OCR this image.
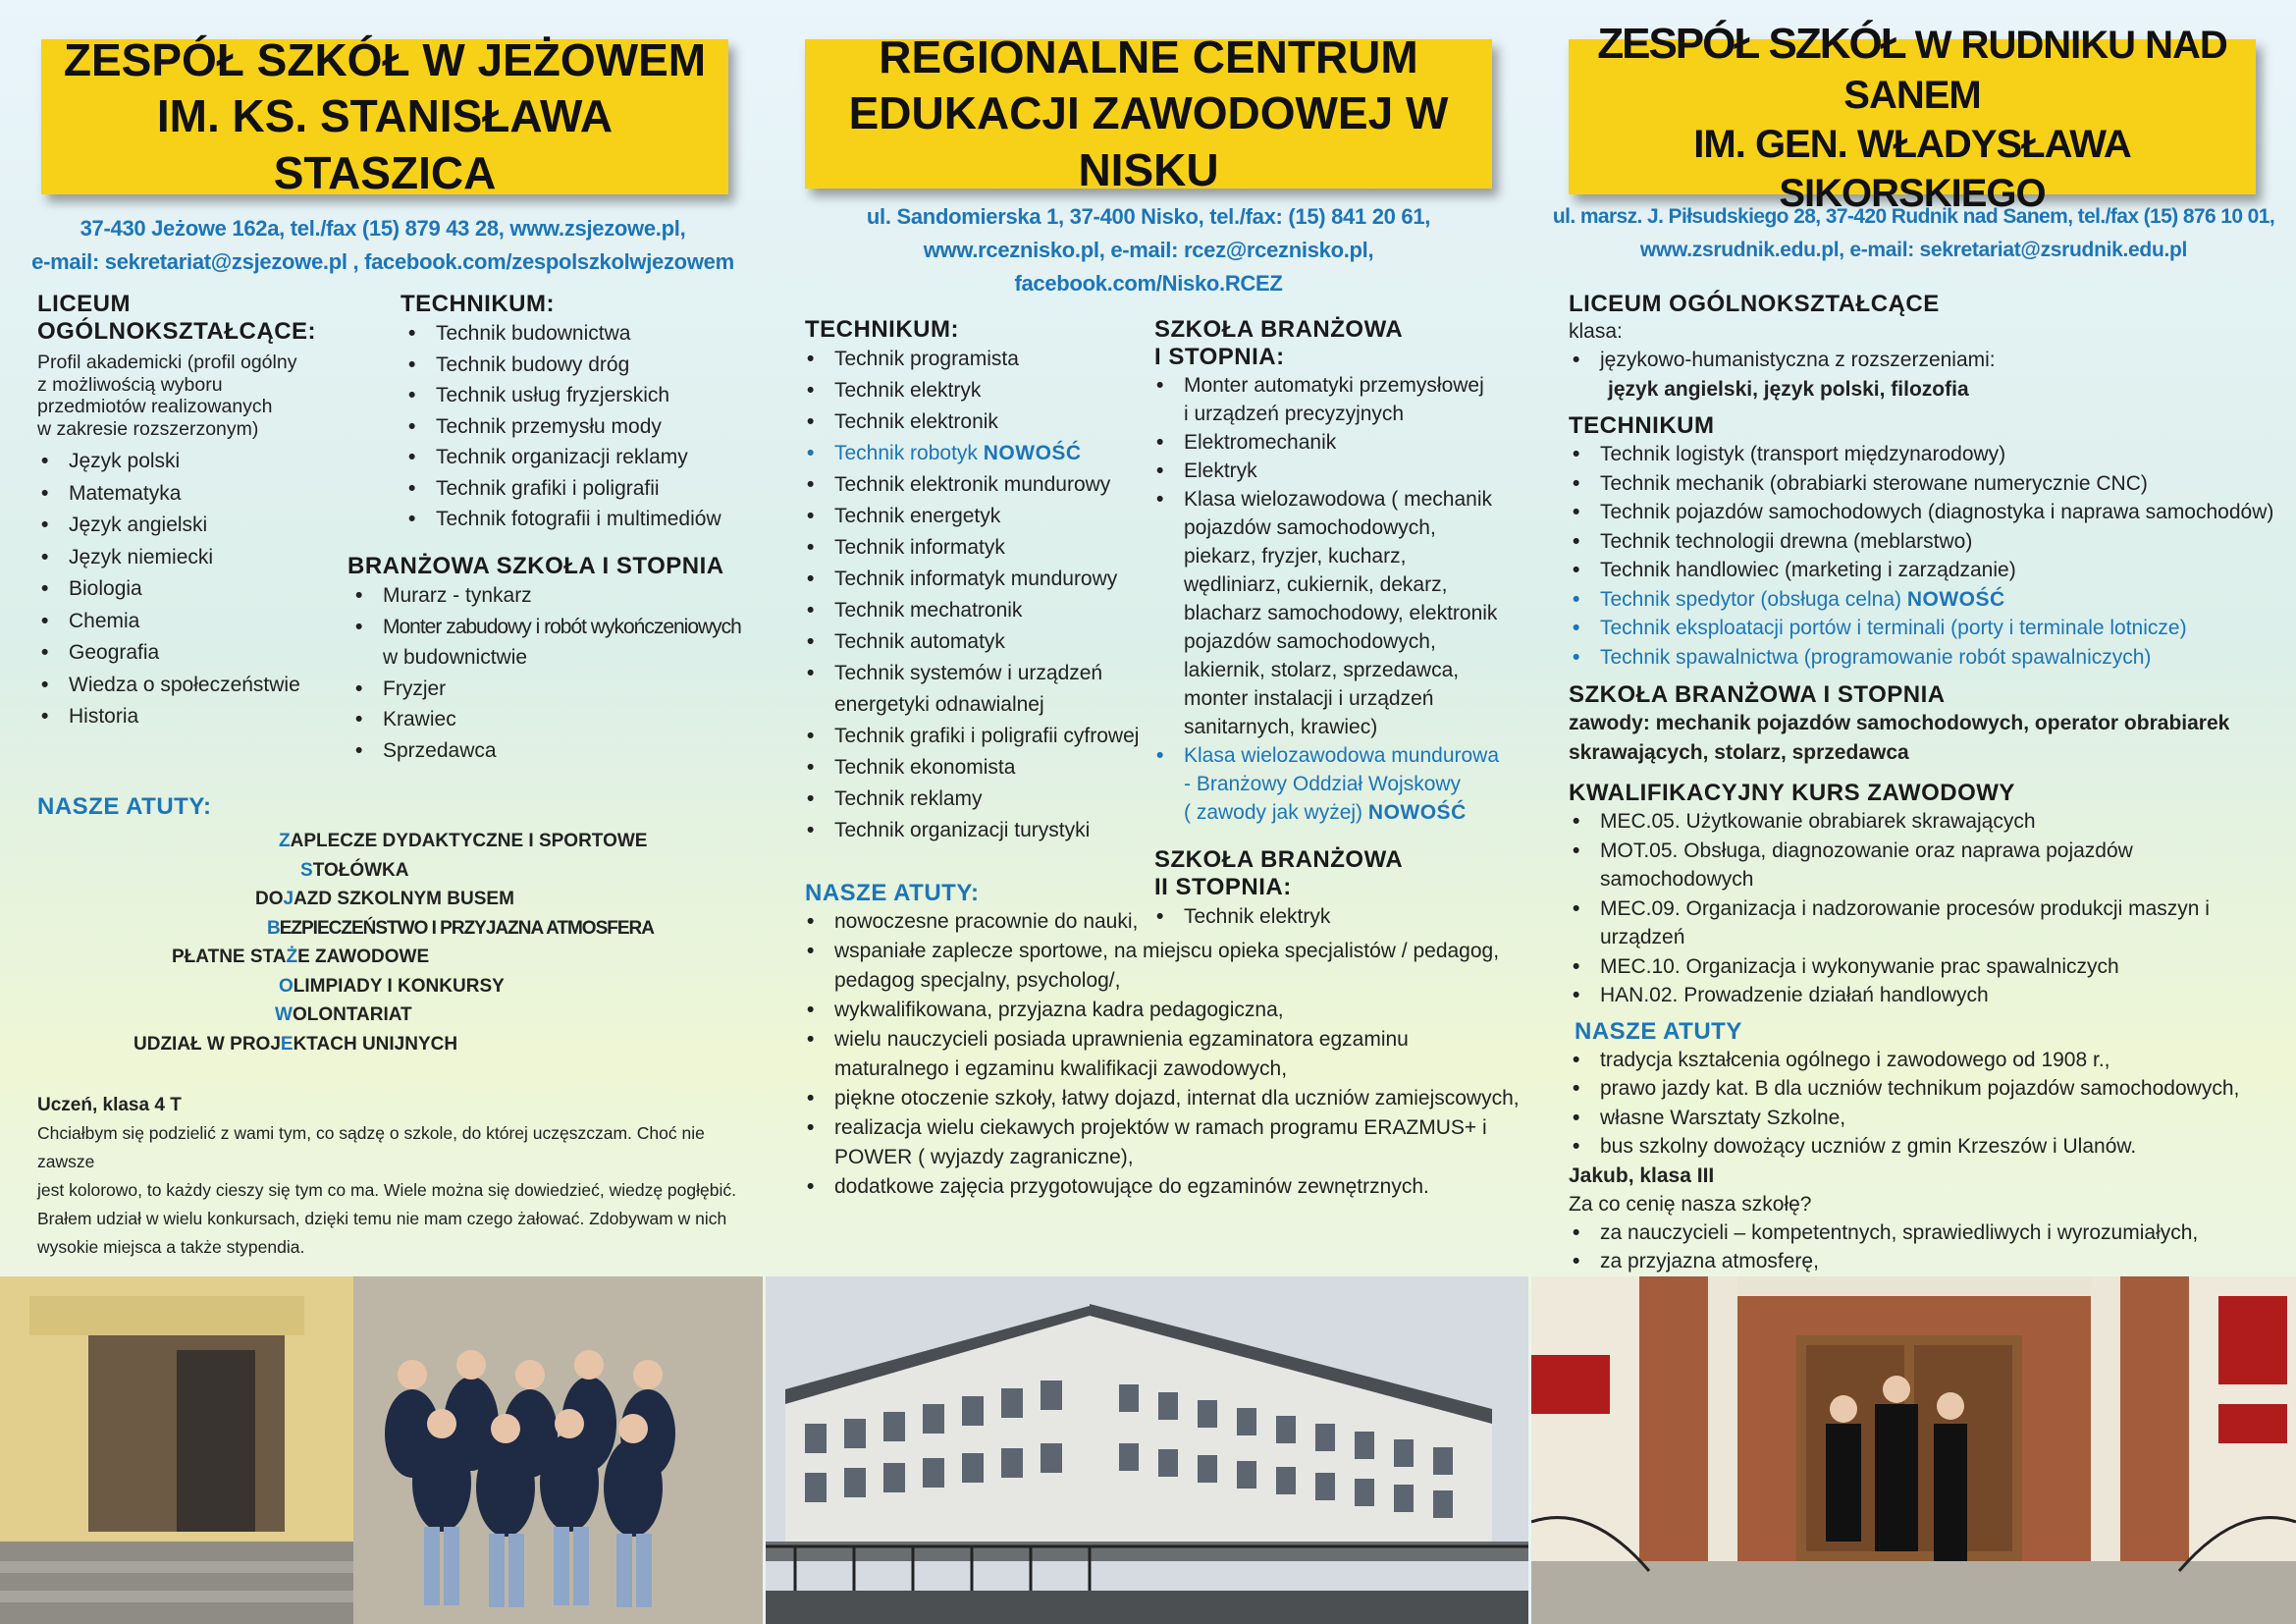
ZESPÓŁ SZKÓŁ W JEŻOWEM
IM. KS. STANISŁAWA STASZICA
37-430 Jeżowe 162a, tel./fax (15) 879 43 28, www.zsjezowe.pl,
e-mail: sekretariat@zsjezowe.pl , facebook.com/zespolszkolwjezowem
LICEUM
OGÓLNOKSZTAŁCĄCE:
Profil akademicki (profil ogólny
z możliwością wyboru
przedmiotów realizowanych
w zakresie rozszerzonym)
• Język polski
• Matematyka
• Język angielski
• Język niemiecki
• Biologia
• Chemia
• Geografia
• Wiedza o społeczeństwie
• Historia
TECHNIKUM:
• Technik budownictwa
• Technik budowy dróg
• Technik usług fryzjerskich
• Technik przemysłu mody
• Technik organizacji reklamy
• Technik grafiki i poligrafii
• Technik fotografii i multimediów
BRANŻOWA SZKOŁA I STOPNIA
• Murarz - tynkarz
• Monter zabudowy i robót wykończeniowych
w budownictwie
• Fryzjer
• Krawiec
• Sprzedawca
NASZE ATUTY:
ZAPLECZE DYDAKTYCZNE I SPORTOWE
STOŁÓWKA
DOJAZD SZKOLNYM BUSEM
BEZPIECZEŃSTWO I PRZYJAZNA ATMOSFERA
PŁATNE STAŻE ZAWODOWE
OLIMPIADY I KONKURSY
WOLONTARIAT
UDZIAŁ W PROJEKTACH UNIJNYCH
Uczeń, klasa 4 T
Chciałbym się podzielić z wami tym, co sądzę o szkole, do której uczęszczam. Choć nie zawsze
jest kolorowo, to każdy cieszy się tym co ma. Wiele można się dowiedzieć, wiedzę pogłębić.
Brałem udział w wielu konkursach, dzięki temu nie mam czego żałować. Zdobywam w nich
wysokie miejsca a także stypendia.
REGIONALNE CENTRUM
EDUKACJI ZAWODOWEJ W NISKU
ul. Sandomierska 1, 37-400 Nisko, tel./fax: (15) 841 20 61,
www.rceznisko.pl, e-mail: rcez@rceznisko.pl,
facebook.com/Nisko.RCEZ
TECHNIKUM:
• Technik programista
• Technik elektryk
• Technik elektronik
• Technik robotyk NOWOŚĆ
• Technik elektronik mundurowy
• Technik energetyk
• Technik informatyk
• Technik informatyk mundurowy
• Technik mechatronik
• Technik automatyk
• Technik systemów i urządzeń
energetyki odnawialnej
• Technik grafiki i poligrafii cyfrowej
• Technik ekonomista
• Technik reklamy
• Technik organizacji turystyki
SZKOŁA BRANŻOWA
I STOPNIA:
• Monter automatyki przemysłowej
i urządzeń precyzyjnych
• Elektromechanik
• Elektryk
• Klasa wielozawodowa ( mechanik
pojazdów samochodowych,
piekarz, fryzjer, kucharz,
wędliniarz, cukiernik, dekarz,
blacharz samochodowy, elektronik
pojazdów samochodowych,
lakiernik, stolarz, sprzedawca,
monter instalacji i urządzeń
sanitarnych, krawiec)
• Klasa wielozawodowa mundurowa
- Branżowy Oddział Wojskowy
( zawody jak wyżej) NOWOŚĆ
SZKOŁA BRANŻOWA
II STOPNIA:
• Technik elektryk
NASZE ATUTY:
• nowoczesne pracownie do nauki,
• wspaniałe zaplecze sportowe, na miejscu opieka specjalistów / pedagog,
pedagog specjalny, psycholog/,
• wykwalifikowana, przyjazna kadra pedagogiczna,
• wielu nauczycieli posiada uprawnienia egzaminatora egzaminu
maturalnego i egzaminu kwalifikacji zawodowych,
• piękne otoczenie szkoły, łatwy dojazd, internat dla uczniów zamiejscowych,
• realizacja wielu ciekawych projektów w ramach programu ERAZMUS+ i
POWER ( wyjazdy zagraniczne),
• dodatkowe zajęcia przygotowujące do egzaminów zewnętrznych.
ZESPÓŁ SZKÓŁ W RUDNIKU NAD SANEM
IM. GEN. WŁADYSŁAWA SIKORSKIEGO
ul. marsz. J. Piłsudskiego 28, 37-420 Rudnik nad Sanem, tel./fax (15) 876 10 01,
www.zsrudnik.edu.pl, e-mail: sekretariat@zsrudnik.edu.pl
LICEUM OGÓLNOKSZTAŁCĄCE
klasa:
• językowo-humanistyczna z rozszerzeniami:
język angielski, język polski, filozofia
TECHNIKUM
• Technik logistyk (transport międzynarodowy)
• Technik mechanik (obrabiarki sterowane numerycznie CNC)
• Technik pojazdów samochodowych (diagnostyka i naprawa samochodów)
• Technik technologii drewna (meblarstwo)
• Technik handlowiec (marketing i zarządzanie)
• Technik spedytor (obsługa celna) NOWOŚĆ
• Technik eksploatacji portów i terminali (porty i terminale lotnicze)
• Technik spawalnictwa (programowanie robót spawalniczych)
SZKOŁA BRANŻOWA I STOPNIA
zawody: mechanik pojazdów samochodowych, operator obrabiarek
skrawających, stolarz, sprzedawca
KWALIFIKACYJNY KURS ZAWODOWY
• MEC.05. Użytkowanie obrabiarek skrawających
• MOT.05. Obsługa, diagnozowanie oraz naprawa pojazdów samochodowych
• MEC.09. Organizacja i nadzorowanie procesów produkcji maszyn i urządzeń
• MEC.10. Organizacja i wykonywanie prac spawalniczych
• HAN.02. Prowadzenie działań handlowych
NASZE ATUTY
• tradycja kształcenia ogólnego i zawodowego od 1908 r.,
• prawo jazdy kat. B dla uczniów technikum pojazdów samochodowych,
• własne Warsztaty Szkolne,
• bus szkolny dowożący uczniów z gmin Krzeszów i Ulanów.
Jakub, klasa III
Za co cenię nasza szkołę?
• za nauczycieli – kompetentnych, sprawiedliwych i wyrozumiałych,
• za przyjazna atmosferę,
•
